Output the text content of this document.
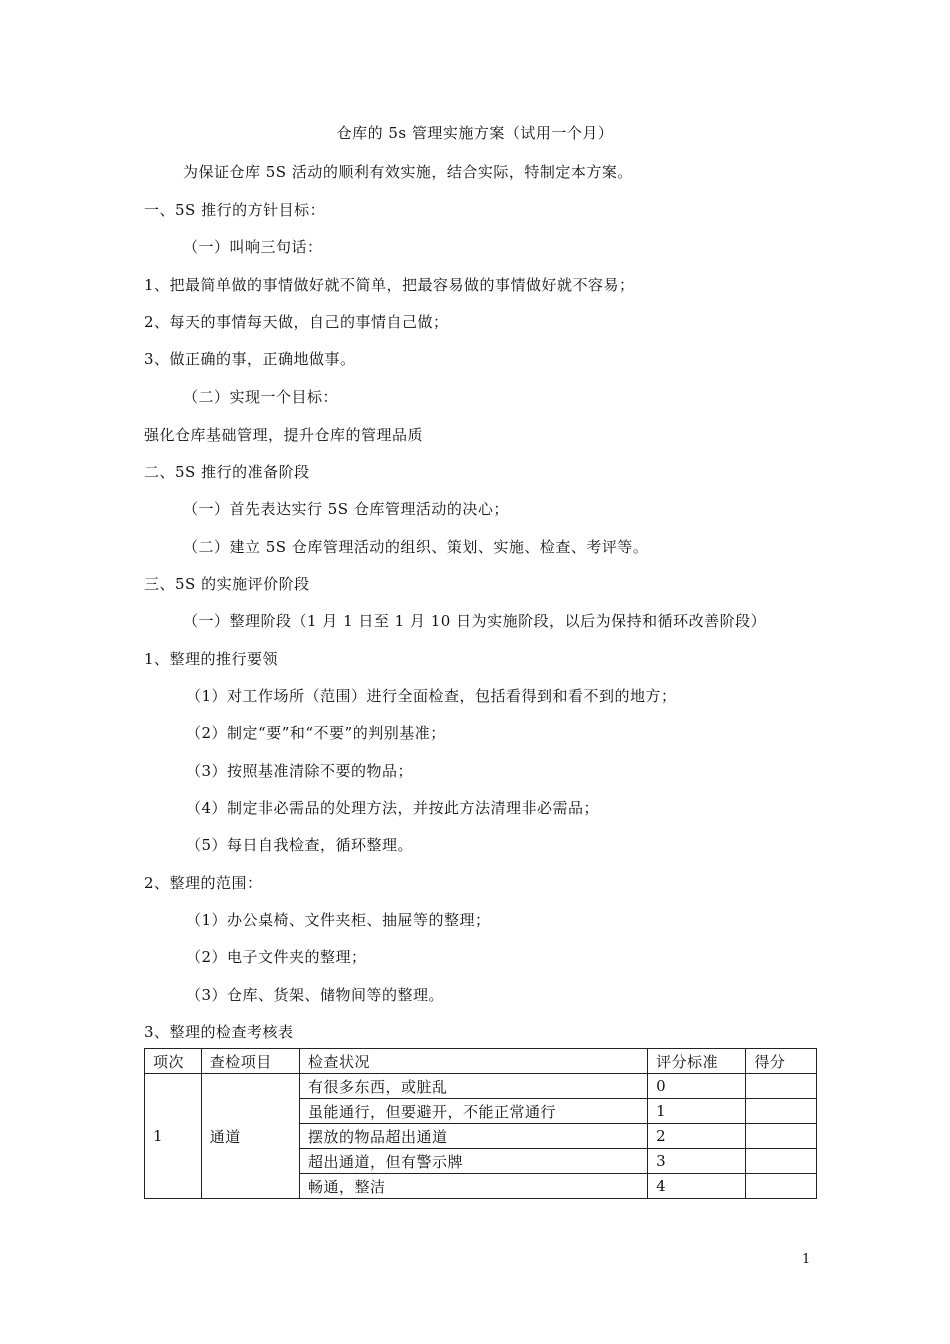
仓库的 5s 管理实施方案（试用一个月）
为保证仓库 5S 活动的顺利有效实施，结合实际，特制定本方案。
一、5S 推行的方针目标：
（一）叫响三句话：
1、把最简单做的事情做好就不简单，把最容易做的事情做好就不容易；
2、每天的事情每天做，自己的事情自己做；
3、做正确的事，正确地做事。
（二）实现一个目标：
强化仓库基础管理，提升仓库的管理品质
二、5S 推行的准备阶段
（一）首先表达实行 5S 仓库管理活动的决心；
（二）建立 5S 仓库管理活动的组织、策划、实施、检查、考评等。
三、5S 的实施评价阶段
（一）整理阶段（1 月 1 日至 1 月 10 日为实施阶段，以后为保持和循环改善阶段）
1、整理的推行要领
（1）对工作场所（范围）进行全面检查，包括看得到和看不到的地方；
（2）制定“要”和“不要”的判别基准；
（3）按照基准清除不要的物品；
（4）制定非必需品的处理方法，并按此方法清理非必需品；
（5）每日自我检查，循环整理。
2、整理的范围：
（1）办公桌椅、文件夹柜、抽屉等的整理；
（2）电子文件夹的整理；
（3）仓库、货架、储物间等的整理。
3、整理的检查考核表
项次	查检项目	检查状况	评分标准	得分
1	通道	有很多东西，或脏乱	0	
		虽能通行，但要避开，不能正常通行	1	
		摆放的物品超出通道	2	
		超出通道，但有警示牌	3	
		畅通，整洁	4	
1
